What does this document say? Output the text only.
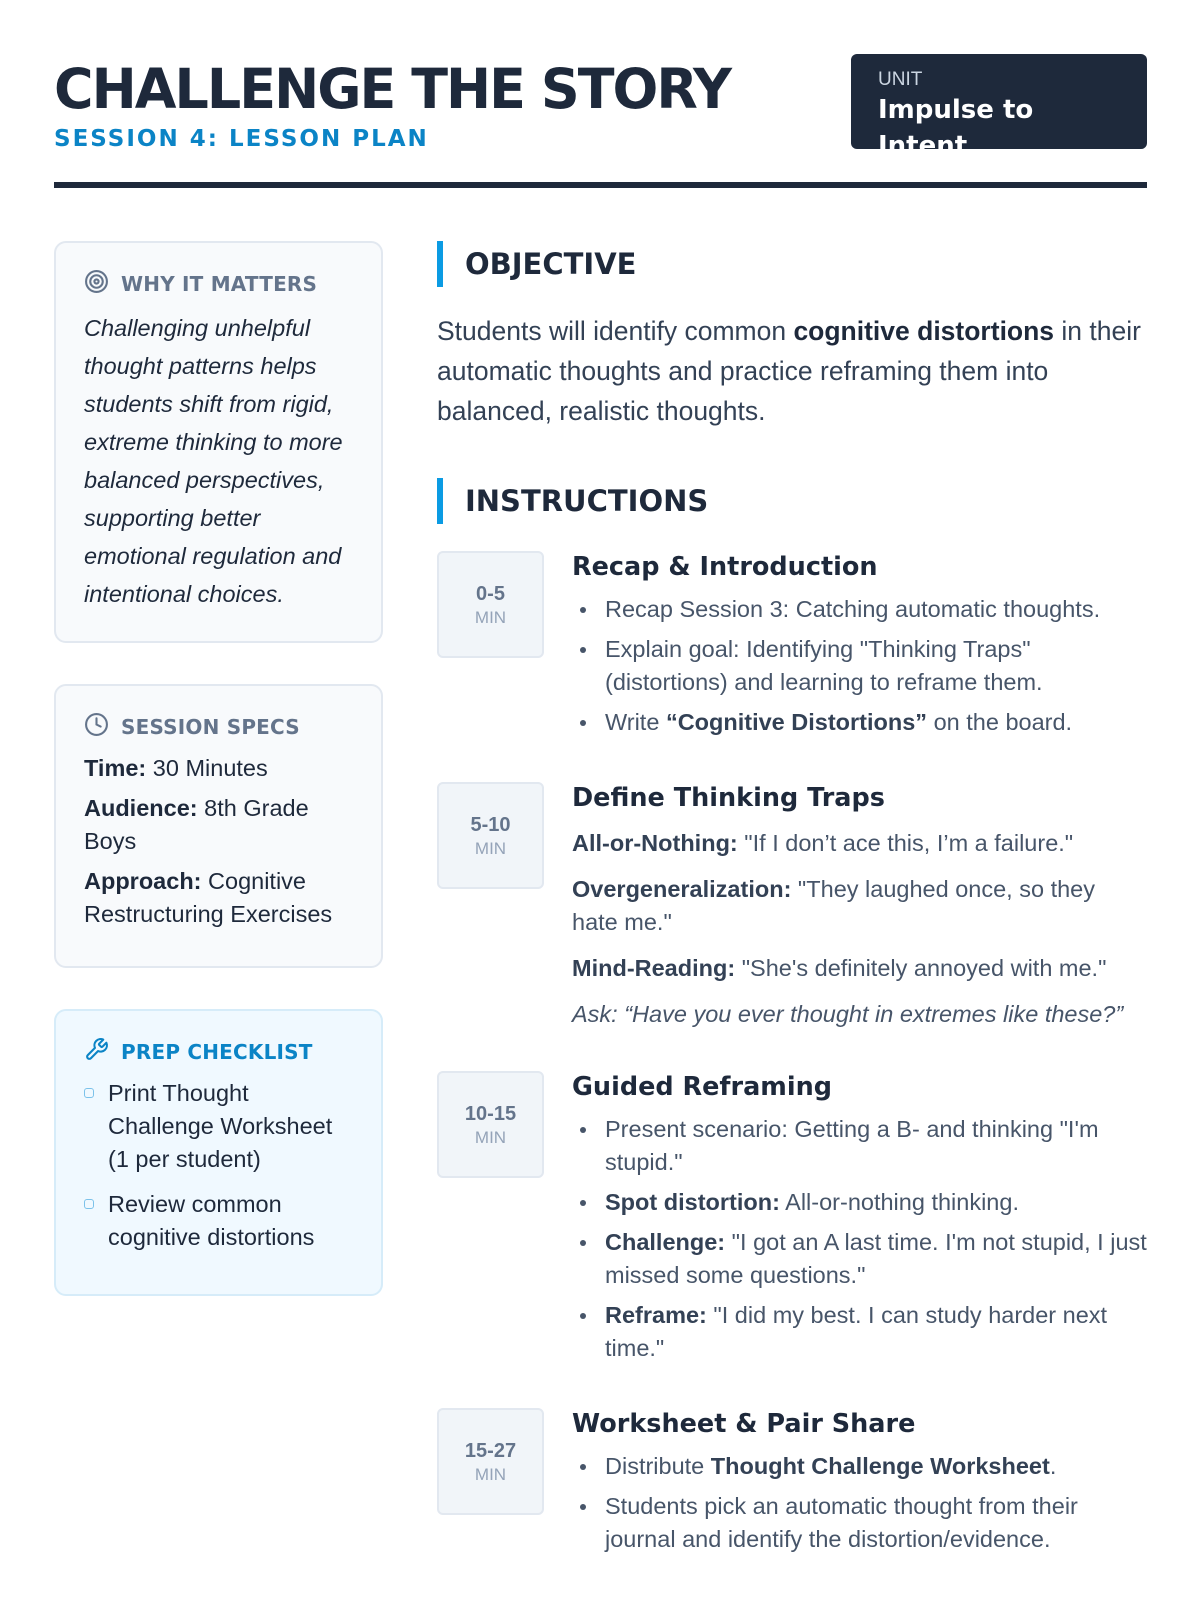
CHALLENGE THE STORY
SESSION 4: LESSON PLAN
UNIT
Impulse to Intent
WHY IT MATTERS
Challenging unhelpful thought patterns helps students shift from rigid, extreme thinking to more balanced perspectives, supporting better emotional regulation and intentional choices.
SESSION SPECS
Time: 30 Minutes
Audience: 8th Grade Boys
Approach: Cognitive Restructuring Exercises
PREP CHECKLIST
Print Thought Challenge Worksheet (1 per student)
Review common cognitive distortions
OBJECTIVE

Students will identify common cognitive distortions in their automatic thoughts and practice reframing them into balanced, realistic thoughts.

INSTRUCTIONS
0-5
MIN
Recap & Introduction
Recap Session 3: Catching automatic thoughts.
Explain goal: Identifying "Thinking Traps" (distortions) and learning to reframe them.
Write “Cognitive Distortions” on the board.
5-10
MIN
Define Thinking Traps
All-or-Nothing: "If I don’t ace this, I’m a failure."
Overgeneralization: "They laughed once, so they hate me."
Mind-Reading: "She's definitely annoyed with me."
Ask: “Have you ever thought in extremes like these?”
10-15
MIN
Guided Reframing
Present scenario: Getting a B- and thinking "I'm stupid."
Spot distortion: All-or-nothing thinking.
Challenge: "I got an A last time. I'm not stupid, I just missed some questions."
Reframe: "I did my best. I can study harder next time."
15-27
MIN
Worksheet & Pair Share
Distribute Thought Challenge Worksheet.
Students pick an automatic thought from their journal and identify the distortion/evidence.
